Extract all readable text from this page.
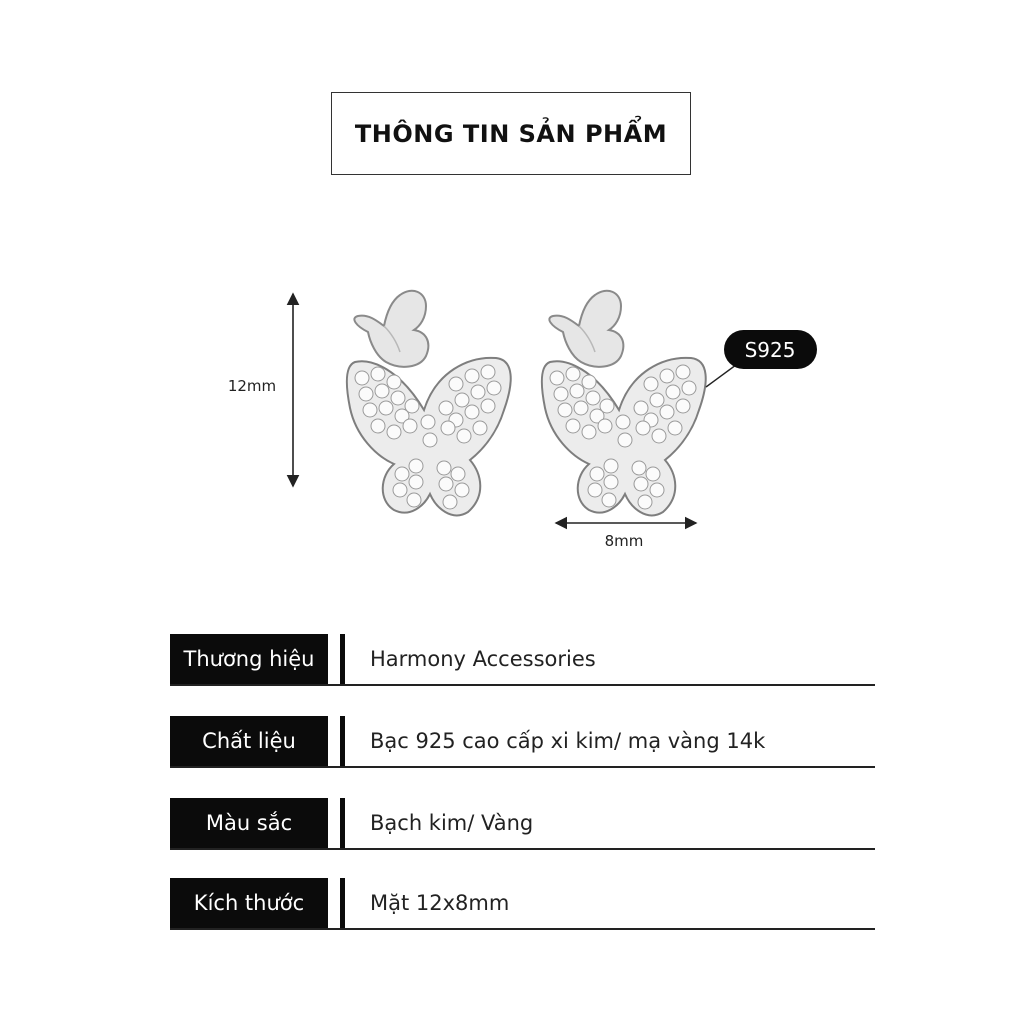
THÔNG TIN SẢN PHẨM
12mm
8mm
S925
Thương hiệu	Harmony Accessories
Chất liệu	Bạc 925 cao cấp xi kim/ mạ vàng 14k
Màu sắc	Bạch kim/ Vàng
Kích thước	Mặt 12x8mm
